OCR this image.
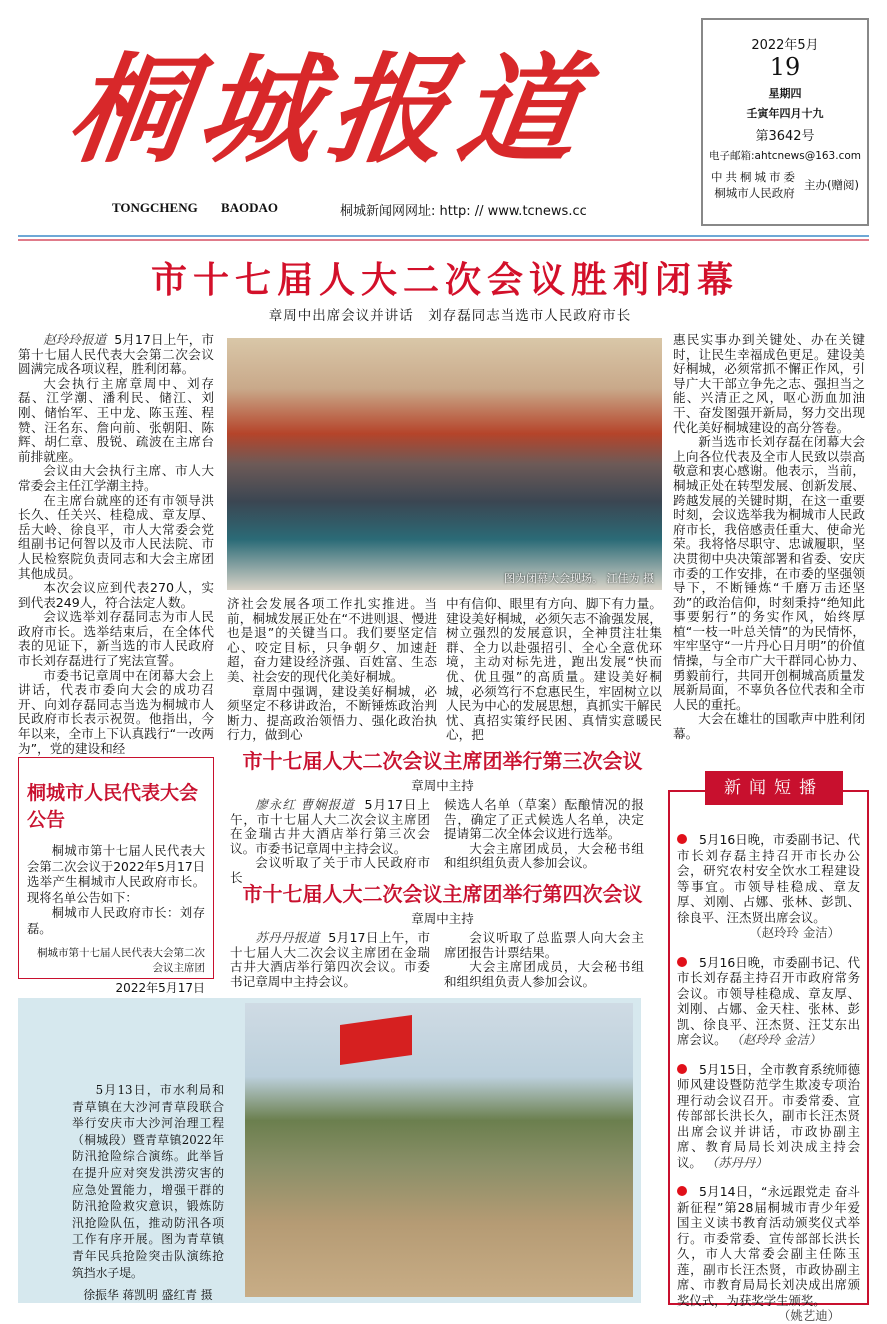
桐城报道	2022年5月
19
星期四
壬寅年四月十九
第3642号
电子邮箱:ahtcnews@163.com
中共桐城市委
桐城市人民政府
主办(赠阅)
TONGCHENG BAODAO	桐城新闻网网址: http: // www.tcnews.cc
市十七届人大二次会议胜利闭幕
章周中出席会议并讲话　刘存磊同志当选市人民政府市长

赵玲玲报道 5月17日上午，市第十七届人民代表大会第二次会议圆满完成各项议程，胜利闭幕。

大会执行主席章周中、刘存磊、江学潮、潘利民、储江、刘刚、储怡军、王中龙、陈玉莲、程赞、汪名东、詹向前、张朝阳、陈辉、胡仁章、殷锐、疏波在主席台前排就座。

会议由大会执行主席、市人大常委会主任江学潮主持。

在主席台就座的还有市领导洪长久、任关兴、桂稳成、章友厚、岳大岭、徐良平，市人大常委会党组副书记何智以及市人民法院、市人民检察院负责同志和大会主席团其他成员。

本次会议应到代表270人，实到代表249人，符合法定人数。

会议选举刘存磊同志为市人民政府市长。选举结束后，在全体代表的见证下，新当选的市人民政府市长刘存磊进行了宪法宣誓。

市委书记章周中在闭幕大会上讲话，代表市委向大会的成功召开、向刘存磊同志当选为桐城市人民政府市长表示祝贺。他指出，今年以来，全市上下认真践行“一改两为”，党的建设和经

图为闭幕大会现场。 江佳为 摄

济社会发展各项工作扎实推进。当前，桐城发展正处在“不进则退、慢进也是退”的关键当口。我们要坚定信心、咬定目标，只争朝夕、加速赶超，奋力建设经济强、百姓富、生态美、社会安的现代化美好桐城。

章周中强调，建设美好桐城，必须坚定不移讲政治，不断锤炼政治判断力、提高政治领悟力、强化政治执行力，做到心

中有信仰、眼里有方向、脚下有力量。建设美好桐城，必须矢志不渝强发展，树立强烈的发展意识，全神贯注壮集群、全力以赴强招引、全心全意优环境，主动对标先进，跑出发展“快而优、优且强”的高质量。建设美好桐城，必须笃行不怠惠民生，牢固树立以人民为中心的发展思想，真抓实干解民忧、真招实策纾民困、真情实意暖民心，把

惠民实事办到关键处、办在关键时，让民生幸福成色更足。建设美好桐城，必须常抓不懈正作风，引导广大干部立争先之志、强担当之能、兴清正之风，呕心沥血加油干、奋发图强开新局，努力交出现代化美好桐城建设的高分答卷。

新当选市长刘存磊在闭幕大会上向各位代表及全市人民致以崇高敬意和衷心感谢。他表示，当前，桐城正处在转型发展、创新发展、跨越发展的关键时期，在这一重要时刻，会议选举我为桐城市人民政府市长，我倍感责任重大、使命光荣。我将恪尽职守、忠诚履职，坚决贯彻中央决策部署和省委、安庆市委的工作安排，在市委的坚强领导下，不断锤炼“千磨万击还坚劲”的政治信仰，时刻秉持“绝知此事要躬行”的务实作风，始终厚植“一枝一叶总关情”的为民情怀，牢牢坚守“一片丹心日月明”的价值情操，与全市广大干群同心协力、勇毅前行，共同开创桐城高质量发展新局面，不辜负各位代表和全市人民的重托。

大会在雄壮的国歌声中胜利闭幕。

桐城市人民代表大会公告

桐城市第十七届人民代表大会第二次会议于2022年5月17日选举产生桐城市人民政府市长。现将名单公告如下：

桐城市人民政府市长：刘存磊。

桐城市第十七届人民代表大会第二次会议主席团
2022年5月17日
市十七届人大二次会议主席团举行第三次会议
章周中主持

廖永红 曹娴报道 5月17日上午，市十七届人大二次会议主席团在金瑞古井大酒店举行第三次会议。市委书记章周中主持会议。

会议听取了关于市人民政府市长

候选人名单（草案）酝酿情况的报告，确定了正式候选人名单，决定提请第二次全体会议进行选举。

大会主席团成员，大会秘书组和组织组负责人参加会议。

市十七届人大二次会议主席团举行第四次会议
章周中主持

苏丹丹报道 5月17日上午，市十七届人大二次会议主席团在金瑞古井大酒店举行第四次会议。市委书记章周中主持会议。

会议听取了总监票人向大会主席团报告计票结果。

大会主席团成员，大会秘书组和组织组负责人参加会议。

5月16日晚，市委副书记、代市长刘存磊主持召开市长办公会，研究农村安全饮水工程建设等事宜。市领导桂稳成、章友厚、刘刚、占娜、张林、彭凯、徐良平、汪杰贤出席会议。
（赵玲玲 金洁）
5月16日晚，市委副书记、代市长刘存磊主持召开市政府常务会议。市领导桂稳成、章友厚、刘刚、占娜、金天柱、张林、彭凯、徐良平、汪杰贤、汪艾东出席会议。 （赵玲玲 金洁）
5月15日，全市教育系统师德师风建设暨防范学生欺凌专项治理行动会议召开。市委常委、宣传部部长洪长久，副市长汪杰贤出席会议并讲话，市政协副主席、教育局局长刘决成主持会议。 （苏丹丹）
5月14日，“永远跟党走 奋斗新征程”第28届桐城市青少年爱国主义读书教育活动颁奖仪式举行。市委常委、宣传部部长洪长久，市人大常委会副主任陈玉莲，副市长汪杰贤，市政协副主席、市教育局局长刘决成出席颁奖仪式，为获奖学生颁奖。
（姚艺迪）
新闻短播

5月13日，市水利局和青草镇在大沙河青草段联合举行安庆市大沙河治理工程（桐城段）暨青草镇2022年防汛抢险综合演练。此举旨在提升应对突发洪涝灾害的应急处置能力，增强干群的防汛抢险救灾意识，锻炼防汛抢险队伍，推动防汛各项工作有序开展。图为青草镇青年民兵抢险突击队演练抢筑挡水子堤。

徐振华 蒋凯明 盛红青 摄
